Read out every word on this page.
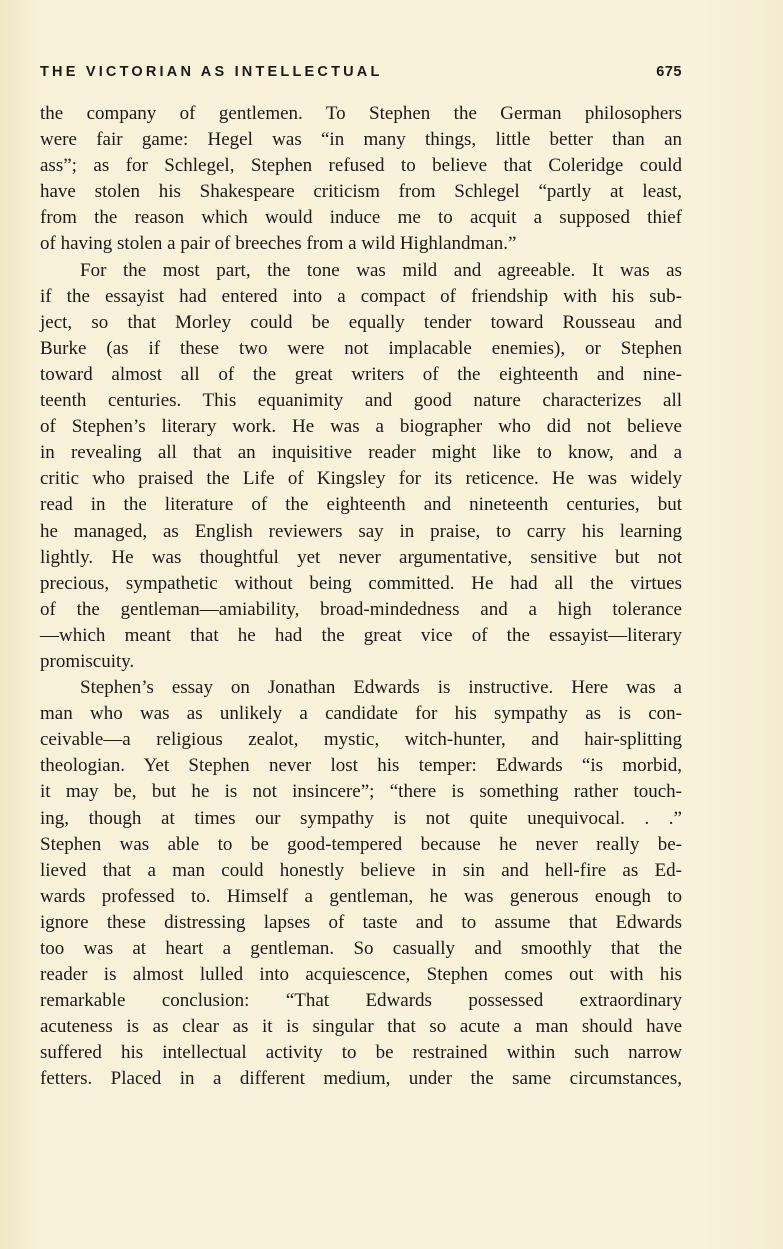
THE VICTORIAN AS INTELLECTUAL	675

the company of gentlemen. To Stephen the German philosophers
were fair game: Hegel was “in many things, little better than an
ass”; as for Schlegel, Stephen refused to believe that Coleridge could
have stolen his Shakespeare criticism from Schlegel “partly at least,
from the reason which would induce me to acquit a supposed thief
of having stolen a pair of breeches from a wild Highlandman.”

For the most part, the tone was mild and agreeable. It was as
if the essayist had entered into a compact of friendship with his sub-
ject, so that Morley could be equally tender toward Rousseau and
Burke (as if these two were not implacable enemies), or Stephen
toward almost all of the great writers of the eighteenth and nine-
teenth centuries. This equanimity and good nature characterizes all
of Stephen’s literary work. He was a biographer who did not believe
in revealing all that an inquisitive reader might like to know, and a
critic who praised the Life of Kingsley for its reticence. He was widely
read in the literature of the eighteenth and nineteenth centuries, but
he managed, as English reviewers say in praise, to carry his learning
lightly. He was thoughtful yet never argumentative, sensitive but not
precious, sympathetic without being committed. He had all the virtues
of the gentleman—amiability, broad-mindedness and a high tolerance
—which meant that he had the great vice of the essayist—literary
promiscuity.

Stephen’s essay on Jonathan Edwards is instructive. Here was a
man who was as unlikely a candidate for his sympathy as is con-
ceivable—a religious zealot, mystic, witch-hunter, and hair-splitting
theologian. Yet Stephen never lost his temper: Edwards “is morbid,
it may be, but he is not insincere”; “there is something rather touch-
ing, though at times our sympathy is not quite unequivocal. . .”
Stephen was able to be good-tempered because he never really be-
lieved that a man could honestly believe in sin and hell-fire as Ed-
wards professed to. Himself a gentleman, he was generous enough to
ignore these distressing lapses of taste and to assume that Edwards
too was at heart a gentleman. So casually and smoothly that the
reader is almost lulled into acquiescence, Stephen comes out with his
remarkable conclusion: “That Edwards possessed extraordinary
acuteness is as clear as it is singular that so acute a man should have
suffered his intellectual activity to be restrained within such narrow
fetters. Placed in a different medium, under the same circumstances,
